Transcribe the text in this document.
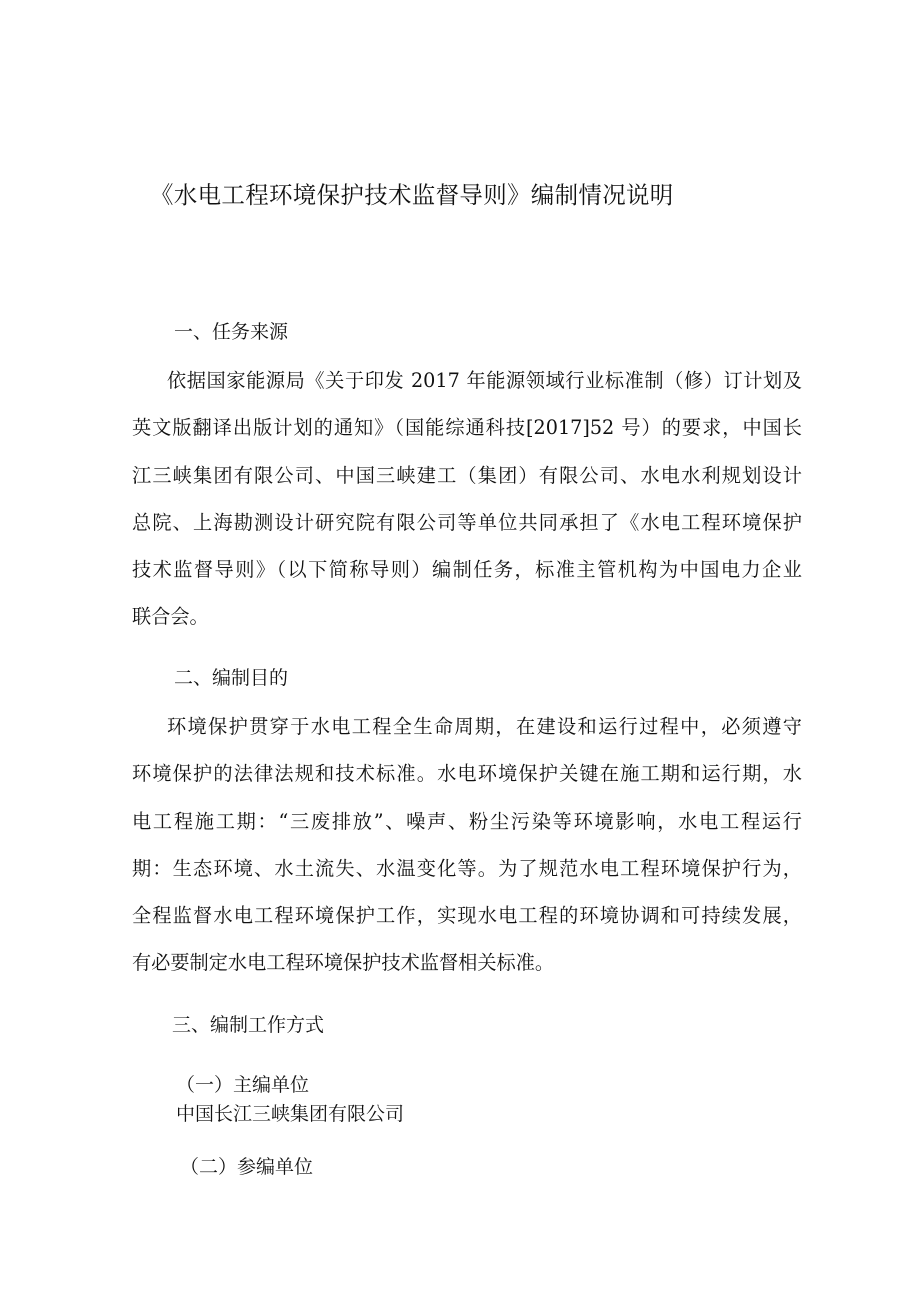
《水电工程环境保护技术监督导则》编制情况说明

一、任务来源

依据国家能源局《关于印发 2017 年能源领域行业标准制（修）订计划及
英文版翻译出版计划的通知》（国能综通科技[2017]52 号）的要求，中国长
江三峡集团有限公司、中国三峡建工（集团）有限公司、水电水利规划设计
总院、上海勘测设计研究院有限公司等单位共同承担了《水电工程环境保护
技术监督导则》（以下简称导则）编制任务，标准主管机构为中国电力企业
联合会。

二、编制目的

环境保护贯穿于水电工程全生命周期，在建设和运行过程中，必须遵守
环境保护的法律法规和技术标准。水电环境保护关键在施工期和运行期，水
电工程施工期：“三废排放”、噪声、粉尘污染等环境影响，水电工程运行
期：生态环境、水土流失、水温变化等。为了规范水电工程环境保护行为，
全程监督水电工程环境保护工作，实现水电工程的环境协调和可持续发展，
有必要制定水电工程环境保护技术监督相关标准。

三、编制工作方式

（一）主编单位

中国长江三峡集团有限公司

（二）参编单位
